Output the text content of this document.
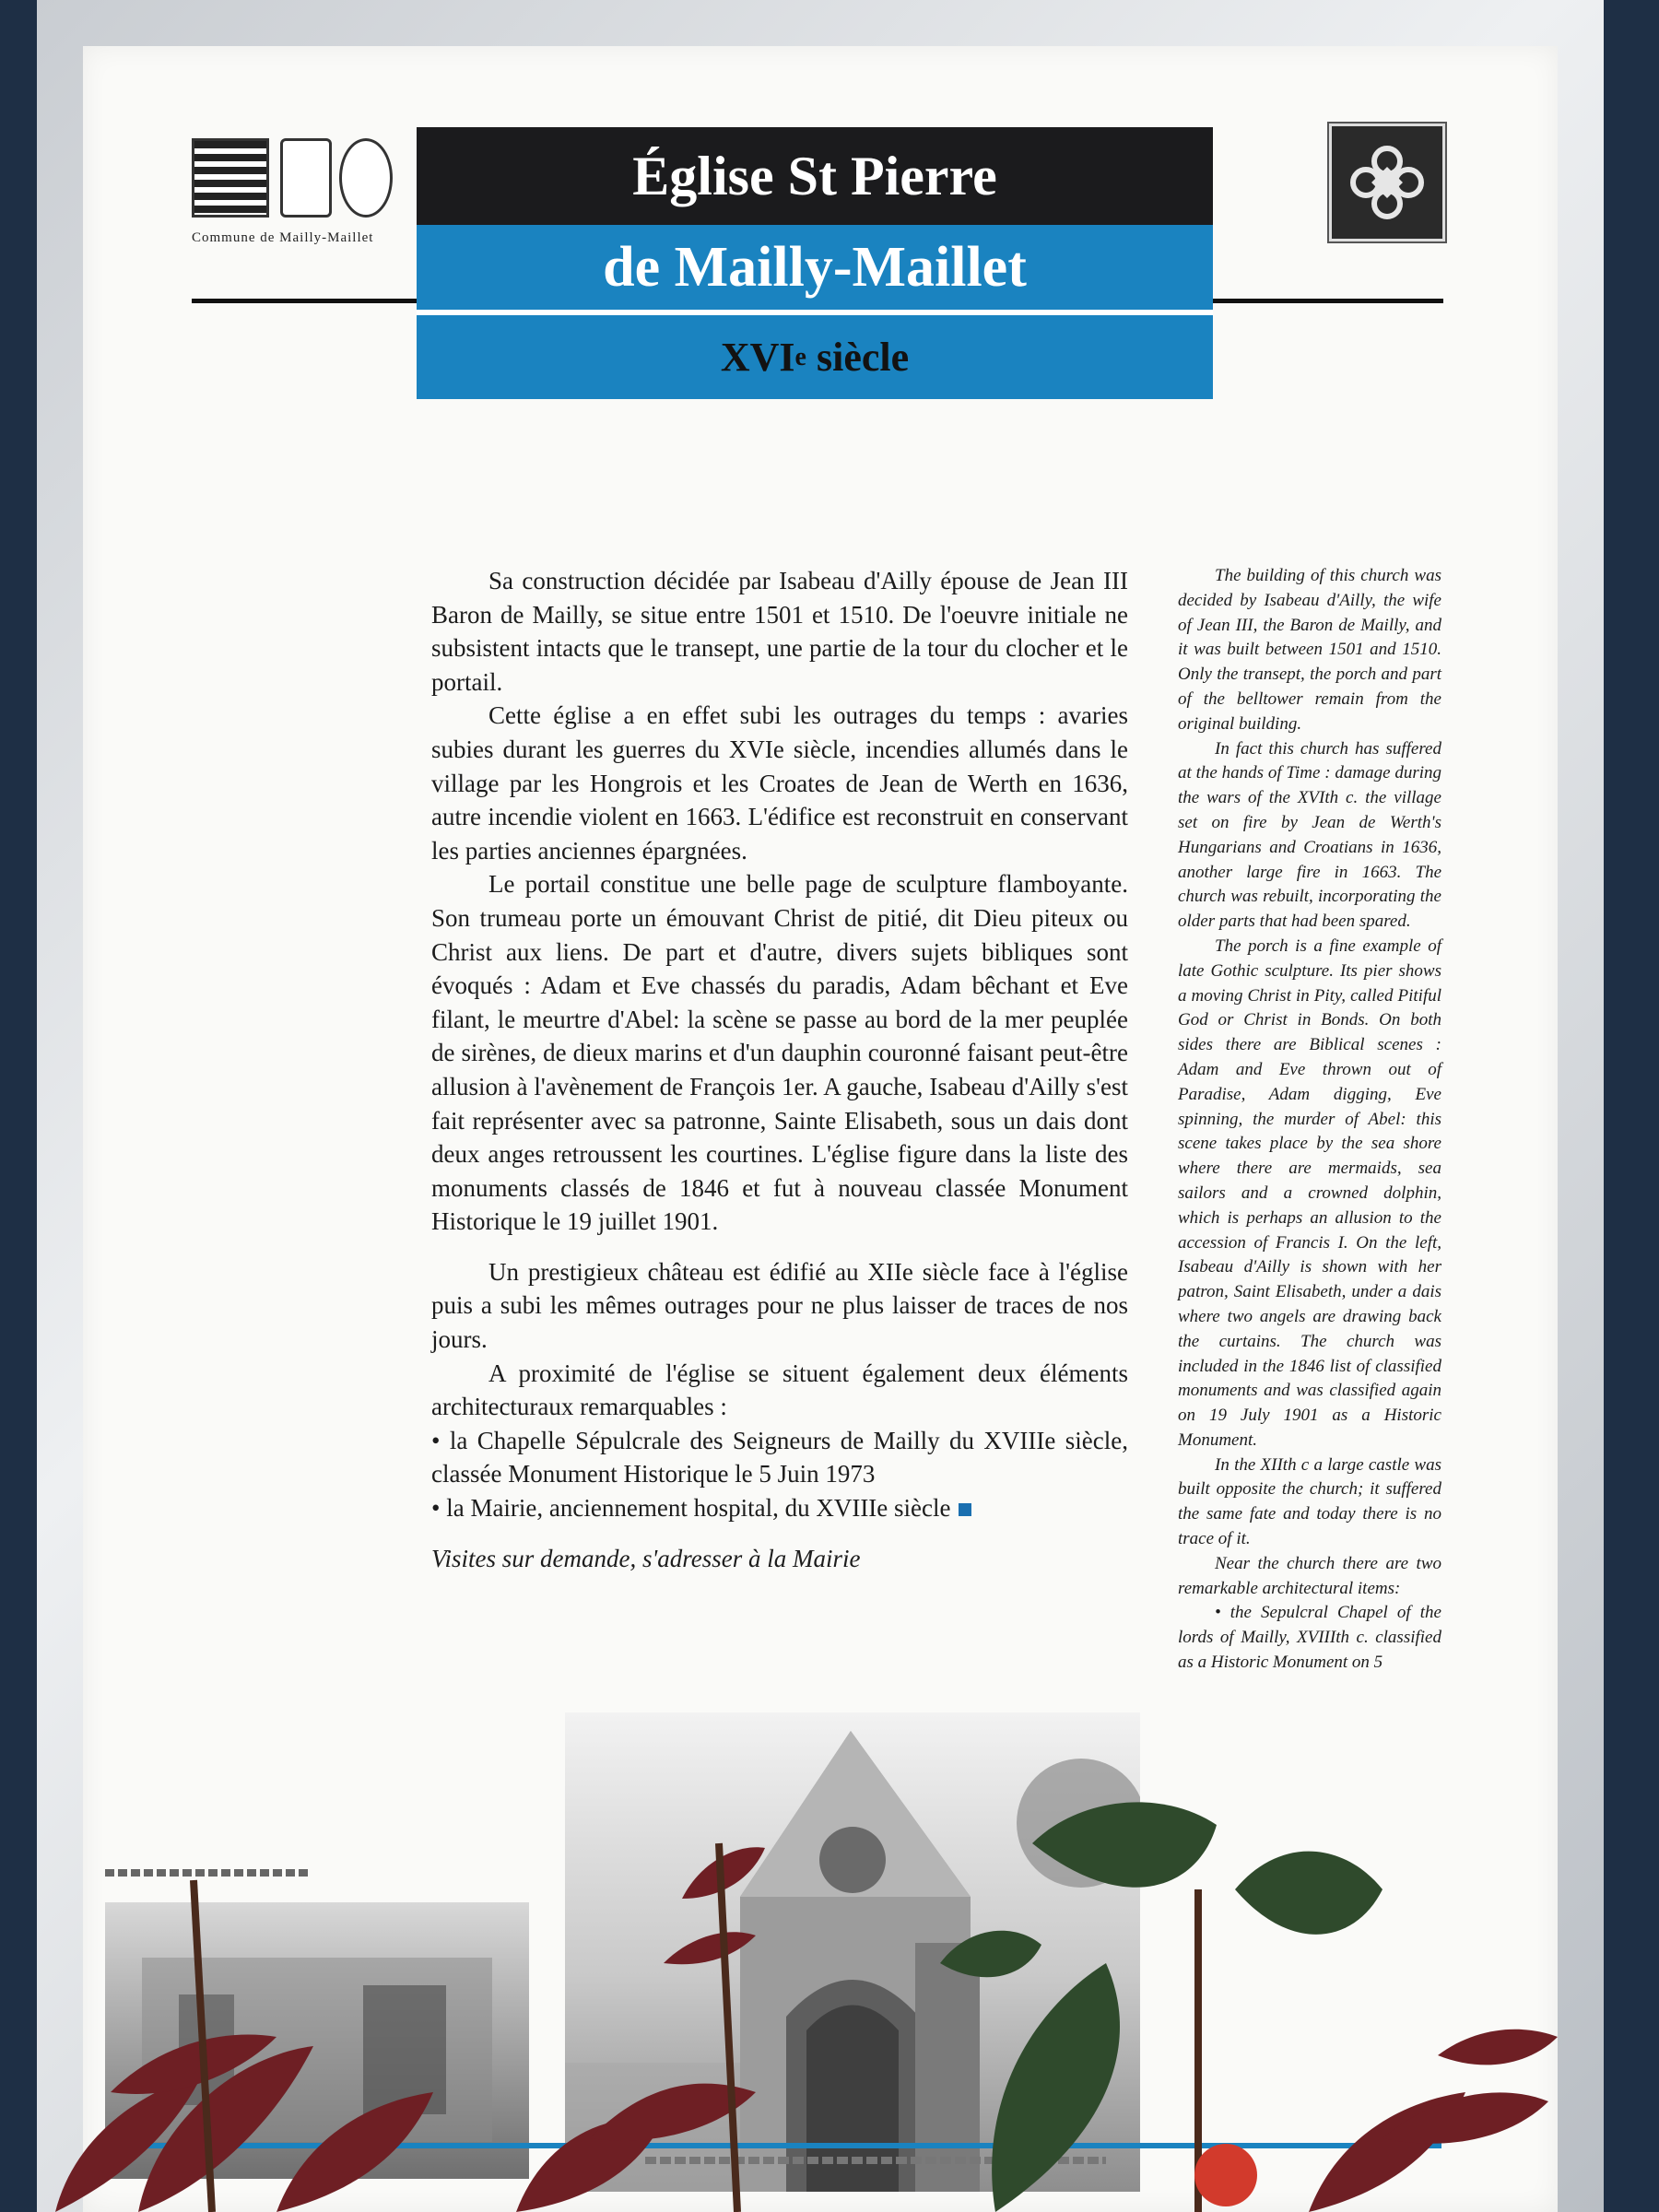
Commune de Mailly-Maillet
Église St Pierre
de Mailly-Maillet
XVI e
siècle

Sa construction décidée par Isabeau d'Ailly épouse de Jean III Baron de Mailly, se situe entre 1501 et 1510. De l'oeuvre initiale ne subsistent intacts que le transept, une partie de la tour du clocher et le portail.

Cette église a en effet subi les outrages du temps : avaries subies durant les guerres du XVIe siècle, incendies allumés dans le village par les Hongrois et les Croates de Jean de Werth en 1636, autre incendie violent en 1663. L'édifice est reconstruit en conservant les parties anciennes épargnées.

Le portail constitue une belle page de sculpture flamboyante. Son trumeau porte un émouvant Christ de pitié, dit Dieu piteux ou Christ aux liens. De part et d'autre, divers sujets bibliques sont évoqués : Adam et Eve chassés du paradis, Adam bêchant et Eve filant, le meurtre d'Abel: la scène se passe au bord de la mer peuplée de sirènes, de dieux marins et d'un dauphin couronné faisant peut-être allusion à l'avènement de François 1er. A gauche, Isabeau d'Ailly s'est fait représenter avec sa patronne, Sainte Elisabeth, sous un dais dont deux anges retroussent les courtines. L'église figure dans la liste des monuments classés de 1846 et fut à nouveau classée Monument Historique le 19 juillet 1901.

Un prestigieux château est édifié au XIIe siècle face à l'église puis a subi les mêmes outrages pour ne plus laisser de traces de nos jours.

A proximité de l'église se situent également deux éléments architecturaux remarquables :

• la Chapelle Sépulcrale des Seigneurs de Mailly du XVIIIe siècle, classée Monument Historique le 5 Juin 1973
• la Mairie, anciennement hospital, du XVIIIe siècle

Visites sur demande, s'adresser à la Mairie

The building of this church was decided by Isabeau d'Ailly, the wife of Jean III, the Baron de Mailly, and it was built between 1501 and 1510. Only the transept, the porch and part of the belltower remain from the original building.

In fact this church has suffered at the hands of Time : damage during the wars of the XVIth c. the village set on fire by Jean de Werth's Hungarians and Croatians in 1636, another large fire in 1663. The church was rebuilt, incorporating the older parts that had been spared.

The porch is a fine example of late Gothic sculpture. Its pier shows a moving Christ in Pity, called Pitiful God or Christ in Bonds. On both sides there are Biblical scenes : Adam and Eve thrown out of Paradise, Adam digging, Eve spinning, the murder of Abel: this scene takes place by the sea shore where there are mermaids, sea sailors and a crowned dolphin, which is perhaps an allusion to the accession of Francis I. On the left, Isabeau d'Ailly is shown with her patron, Saint Elisabeth, under a dais where two angels are drawing back the curtains. The church was included in the 1846 list of classified monuments and was classified again on 19 July 1901 as a Historic Monument.

In the XIIth c a large castle was built opposite the church; it suffered the same fate and today there is no trace of it.

Near the church there are two remarkable architectural items:

• the Sepulcral Chapel of the lords of Mailly, XVIIIth c. classified as a Historic Monument on 5
